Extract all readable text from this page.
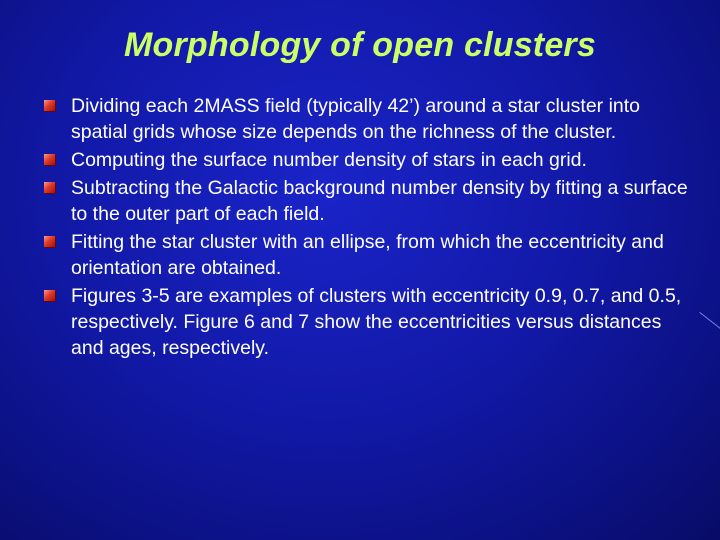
Morphology of open clusters
Dividing each 2MASS field (typically 42’) around a star cluster into spatial grids whose size depends on the richness of the cluster.
Computing the surface number density of stars in each grid.
Subtracting the Galactic background number density by fitting a surface to the outer part of each field.
Fitting the star cluster with an ellipse, from which the eccentricity and orientation are obtained.
Figures 3-5 are examples of clusters with eccentricity 0.9, 0.7, and 0.5, respectively. Figure 6 and 7 show the eccentricities versus distances and ages, respectively.
